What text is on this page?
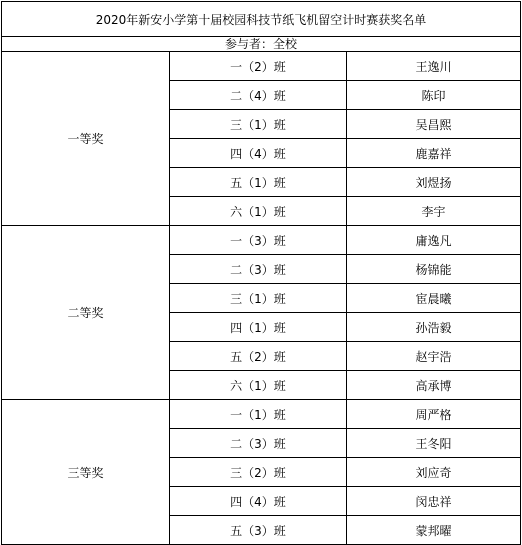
2020年新安小学第十届校园科技节纸飞机留空计时赛获奖名单		
参与者：全校		
一等奖	一（2）班	王逸川
	二（4）班	陈印
	三（1）班	吴昌熙
	四（4）班	鹿嘉祥
	五（1）班	刘煜扬
	六（1）班	李宇
二等奖	一（3）班	庸逸凡
	二（3）班	杨锦能
	三（1）班	宦晨曦
	四（1）班	孙浩毅
	五（2）班	赵宇浩
	六（1）班	高承博
三等奖	一（1）班	周严格
	二（3）班	王冬阳
	三（2）班	刘应奇
	四（4）班	闵忠祥
	五（3）班	蒙邦曜
